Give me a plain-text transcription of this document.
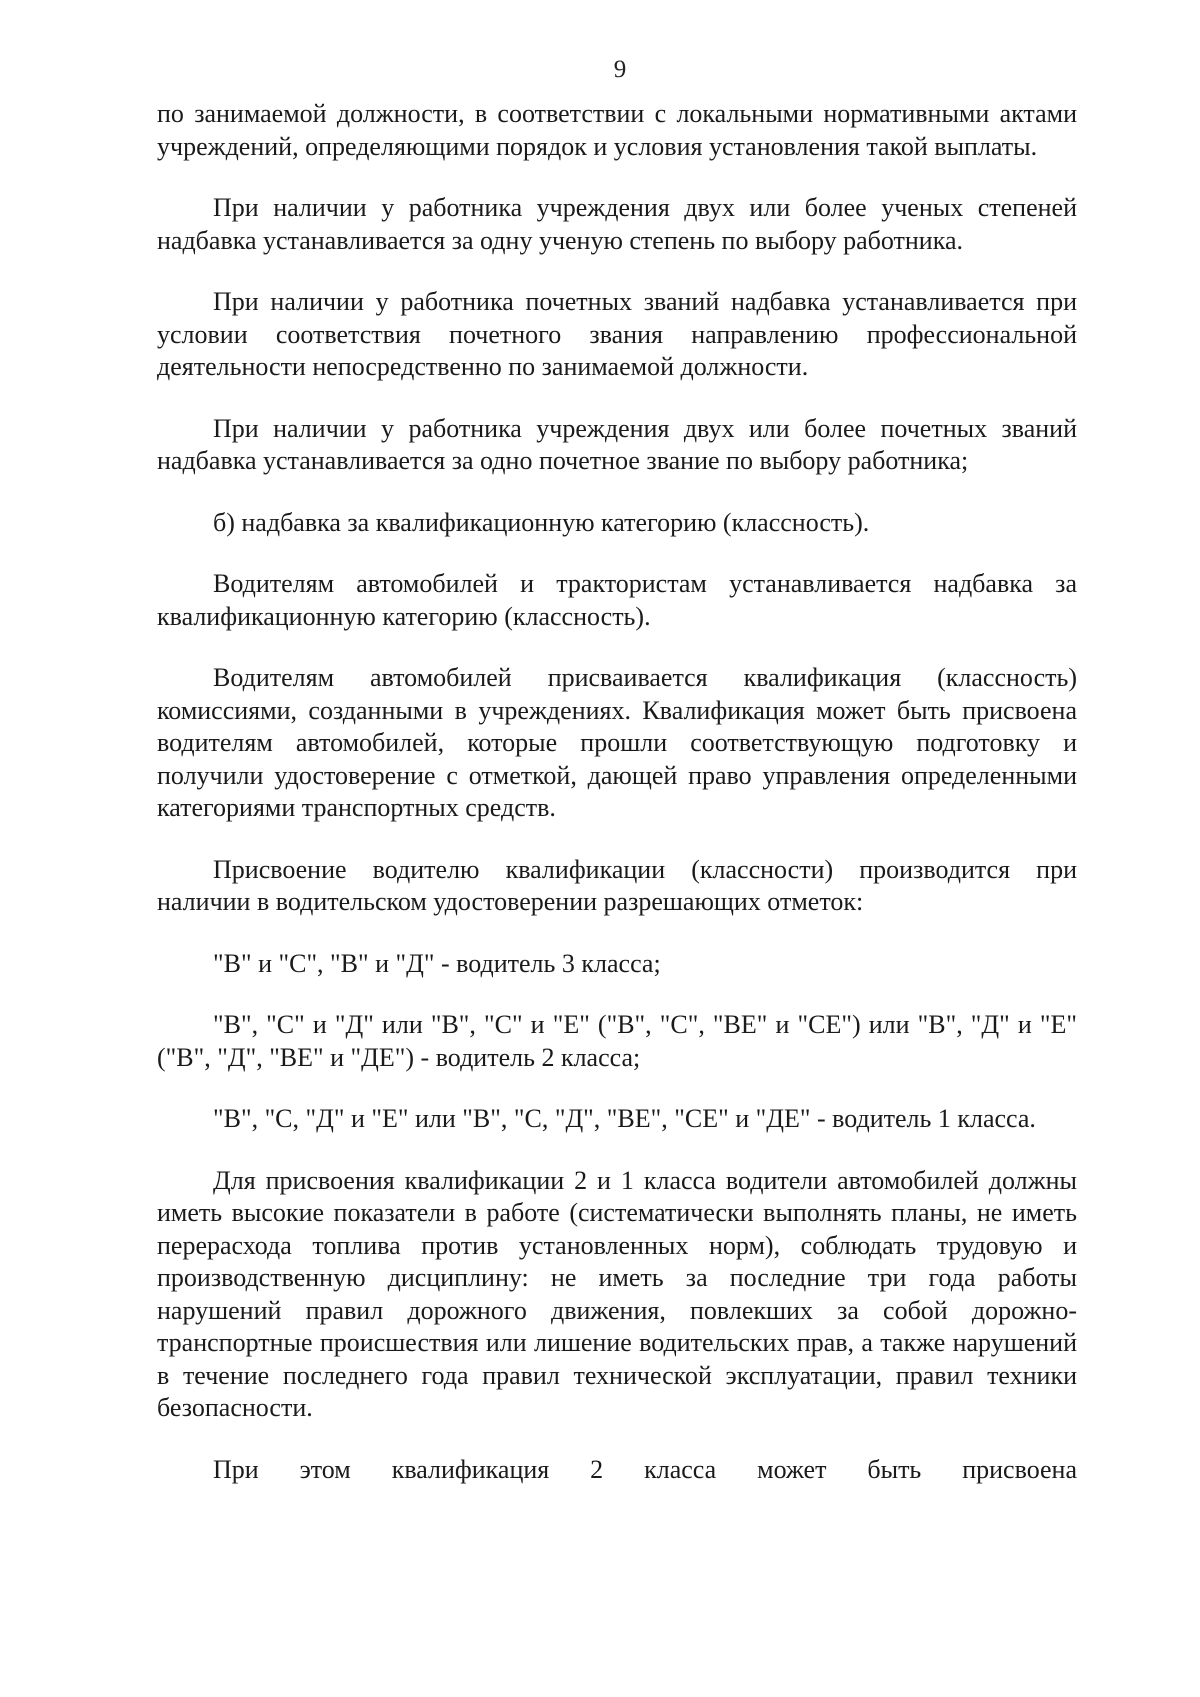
9

по занимаемой должности, в соответствии с локальными нормативными актами учреждений, определяющими порядок и условия установления такой выплаты.

При наличии у работника учреждения двух или более ученых степеней надбавка устанавливается за одну ученую степень по выбору работника.

При наличии у работника почетных званий надбавка устанавливается при условии соответствия почетного звания направлению профессиональной деятельности непосредственно по занимаемой должности.

При наличии у работника учреждения двух или более почетных званий надбавка устанавливается за одно почетное звание по выбору работника;

б) надбавка за квалификационную категорию (классность).

Водителям автомобилей и трактористам устанавливается надбавка за квалификационную категорию (классность).

Водителям автомобилей присваивается квалификация (классность) комиссиями, созданными в учреждениях. Квалификация может быть присвоена водителям автомобилей, которые прошли соответствующую подготовку и получили удостоверение с отметкой, дающей право управления определенными категориями транспортных средств.

Присвоение водителю квалификации (классности) производится при наличии в водительском удостоверении разрешающих отметок:

"В" и "С", "В" и "Д" - водитель 3 класса;

"В", "С" и "Д" или "В", "С" и "Е" ("В", "С", "ВЕ" и "СЕ") или "В", "Д" и "Е" ("В", "Д", "ВЕ" и "ДЕ") - водитель 2 класса;

"В", "С, "Д" и "Е" или "В", "С, "Д", "ВЕ", "СЕ" и "ДЕ" - водитель 1 класса.

Для присвоения квалификации 2 и 1 класса водители автомобилей должны иметь высокие показатели в работе (систематически выполнять планы, не иметь перерасхода топлива против установленных норм), соблюдать трудовую и производственную дисциплину: не иметь за последние три года работы нарушений правил дорожного движения, повлекших за собой дорожно-транспортные происшествия или лишение водительских прав, а также нарушений в течение последнего года правил технической эксплуатации, правил техники безопасности.

При этом квалификация 2 класса может быть присвоена
